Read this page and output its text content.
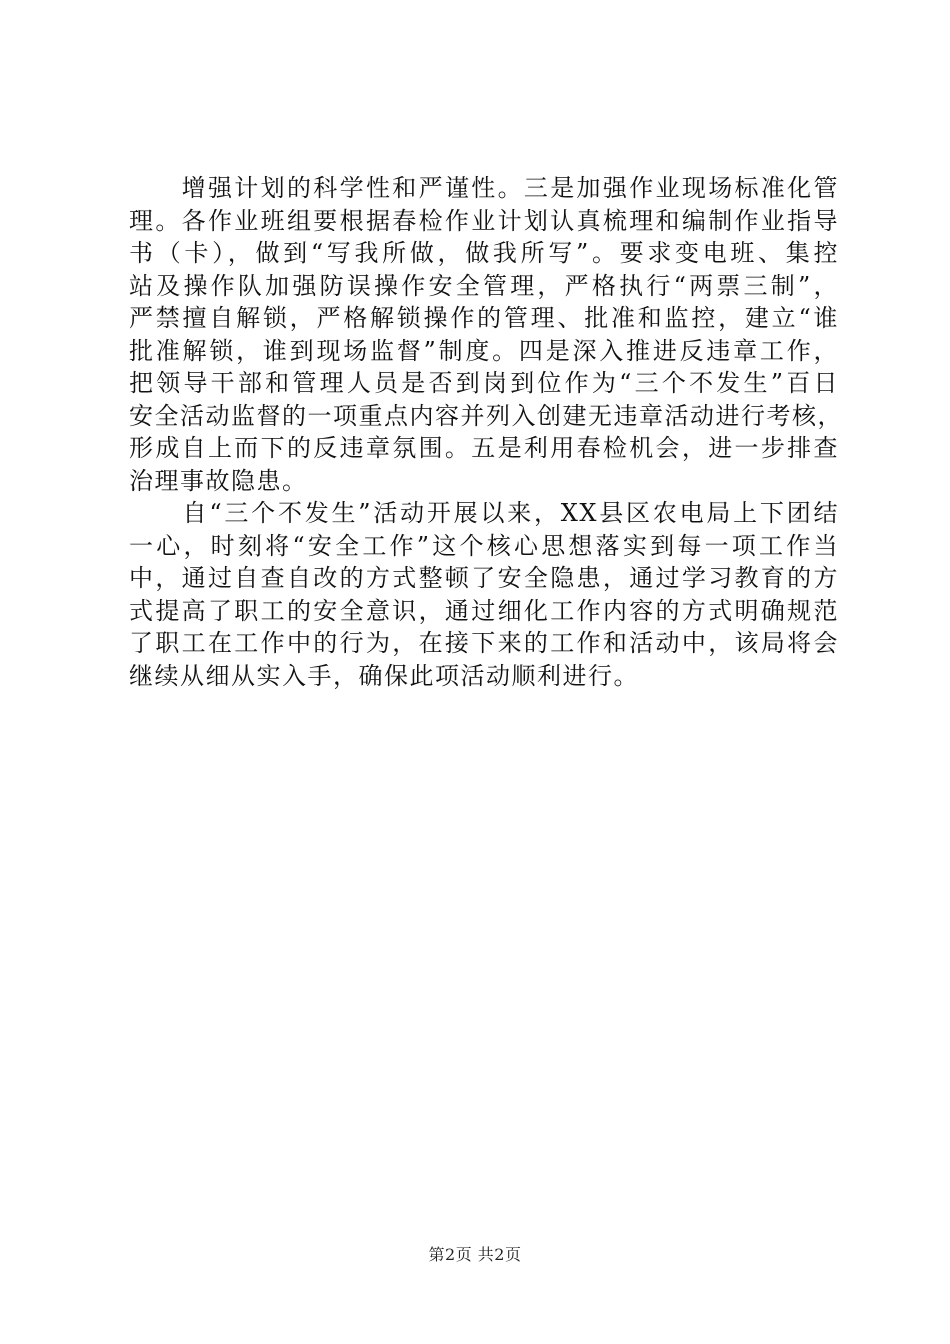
　　增强计划的科学性和严谨性。三是加强作业现场标准化管
理。各作业班组要根据春检作业计划认真梳理和编制作业指导
书（卡），做到“写我所做，做我所写”。要求变电班、集控
站及操作队加强防误操作安全管理，严格执行“两票三制”，
严禁擅自解锁，严格解锁操作的管理、批准和监控，建立“谁
批准解锁，谁到现场监督”制度。四是深入推进反违章工作，
把领导干部和管理人员是否到岗到位作为“三个不发生”百日
安全活动监督的一项重点内容并列入创建无违章活动进行考核，
形成自上而下的反违章氛围。五是利用春检机会，进一步排查
治理事故隐患。
　　自“三个不发生”活动开展以来，XX县区农电局上下团结
一心，时刻将“安全工作”这个核心思想落实到每一项工作当
中，通过自查自改的方式整顿了安全隐患，通过学习教育的方
式提高了职工的安全意识，通过细化工作内容的方式明确规范
了职工在工作中的行为，在接下来的工作和活动中，该局将会
继续从细从实入手，确保此项活动顺利进行。
第2页 共2页
